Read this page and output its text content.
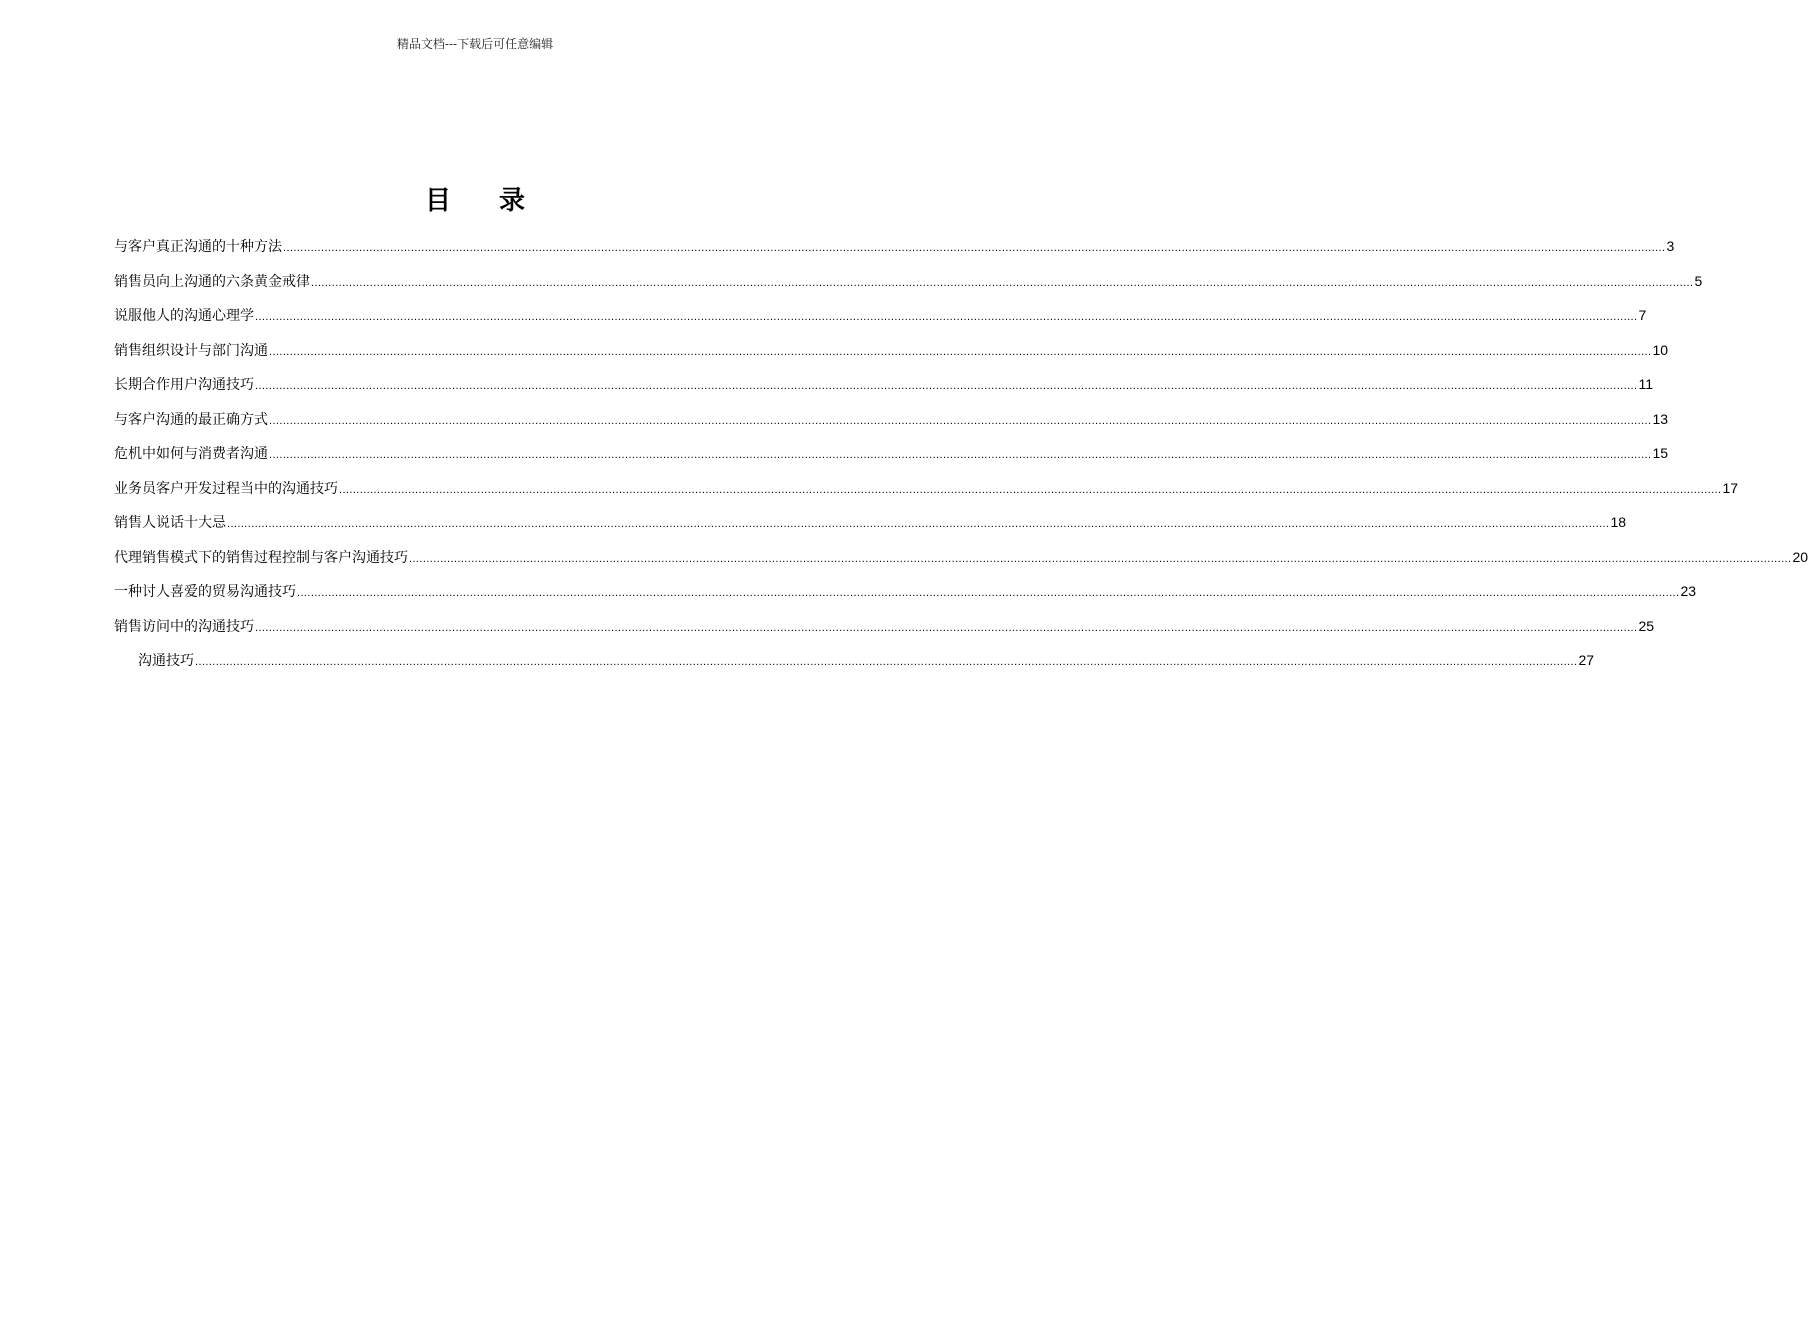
精品文档---下载后可任意编辑
目录
与客户真正沟通的十种方法 ................................................................................................................................................................................................................................................................................................................................................................................................................ 3
销售员向上沟通的六条黄金戒律 ................................................................................................................................................................................................................................................................................................................................................................................................................ 5
说服他人的沟通心理学 ................................................................................................................................................................................................................................................................................................................................................................................................................ 7
销售组织设计与部门沟通 ................................................................................................................................................................................................................................................................................................................................................................................................................ 10
长期合作用户沟通技巧 ................................................................................................................................................................................................................................................................................................................................................................................................................ 11
与客户沟通的最正确方式 ................................................................................................................................................................................................................................................................................................................................................................................................................ 13
危机中如何与消费者沟通 ................................................................................................................................................................................................................................................................................................................................................................................................................ 15
业务员客户开发过程当中的沟通技巧 ................................................................................................................................................................................................................................................................................................................................................................................................................ 17
销售人说话十大忌 ................................................................................................................................................................................................................................................................................................................................................................................................................ 18
代理销售模式下的销售过程控制与客户沟通技巧 ................................................................................................................................................................................................................................................................................................................................................................................................................ 20
一种讨人喜爱的贸易沟通技巧 ................................................................................................................................................................................................................................................................................................................................................................................................................ 23
销售访问中的沟通技巧 ................................................................................................................................................................................................................................................................................................................................................................................................................ 25
沟通技巧 ................................................................................................................................................................................................................................................................................................................................................................................................................ 27
